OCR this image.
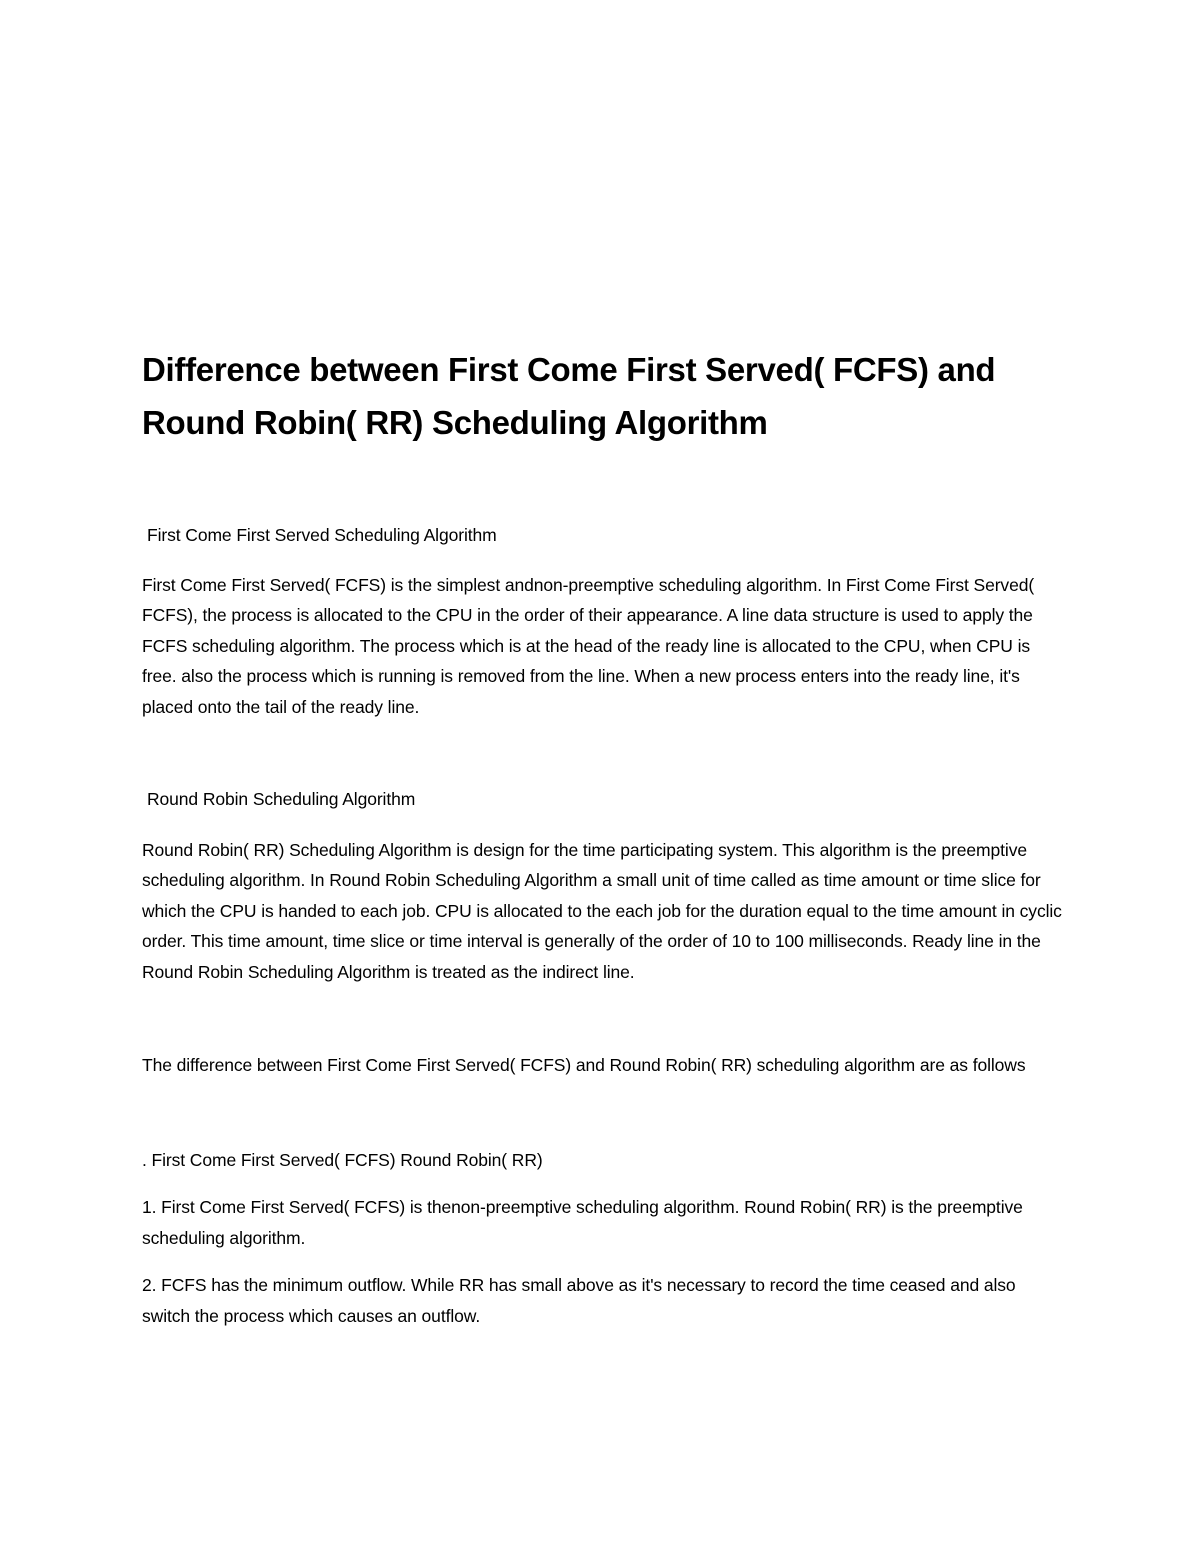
Difference between First Come First Served( FCFS) and
Round Robin( RR) Scheduling Algorithm

First Come First Served Scheduling Algorithm

First Come First Served( FCFS) is the simplest andnon-preemptive scheduling algorithm. In First Come First Served( FCFS), the process is allocated to the CPU in the order of their appearance. A line data structure is used to apply the FCFS scheduling algorithm. The process which is at the head of the ready line is allocated to the CPU, when CPU is free. also the process which is running is removed from the line. When a new process enters into the ready line, it's placed onto the tail of the ready line.

Round Robin Scheduling Algorithm

Round Robin( RR) Scheduling Algorithm is design for the time participating system. This algorithm is the preemptive scheduling algorithm. In Round Robin Scheduling Algorithm a small unit of time called as time amount or time slice for which the CPU is handed to each job. CPU is allocated to the each job for the duration equal to the time amount in cyclic order. This time amount, time slice or time interval is generally of the order of 10 to 100 milliseconds. Ready line in the Round Robin Scheduling Algorithm is treated as the indirect line.

The difference between First Come First Served( FCFS) and Round Robin( RR) scheduling algorithm are as follows

. First Come First Served( FCFS) Round Robin( RR)

1. First Come First Served( FCFS) is thenon-preemptive scheduling algorithm. Round Robin( RR) is the preemptive scheduling algorithm.

2. FCFS has the minimum outflow. While RR has small above as it's necessary to record the time ceased and also switch the process which causes an outflow.
